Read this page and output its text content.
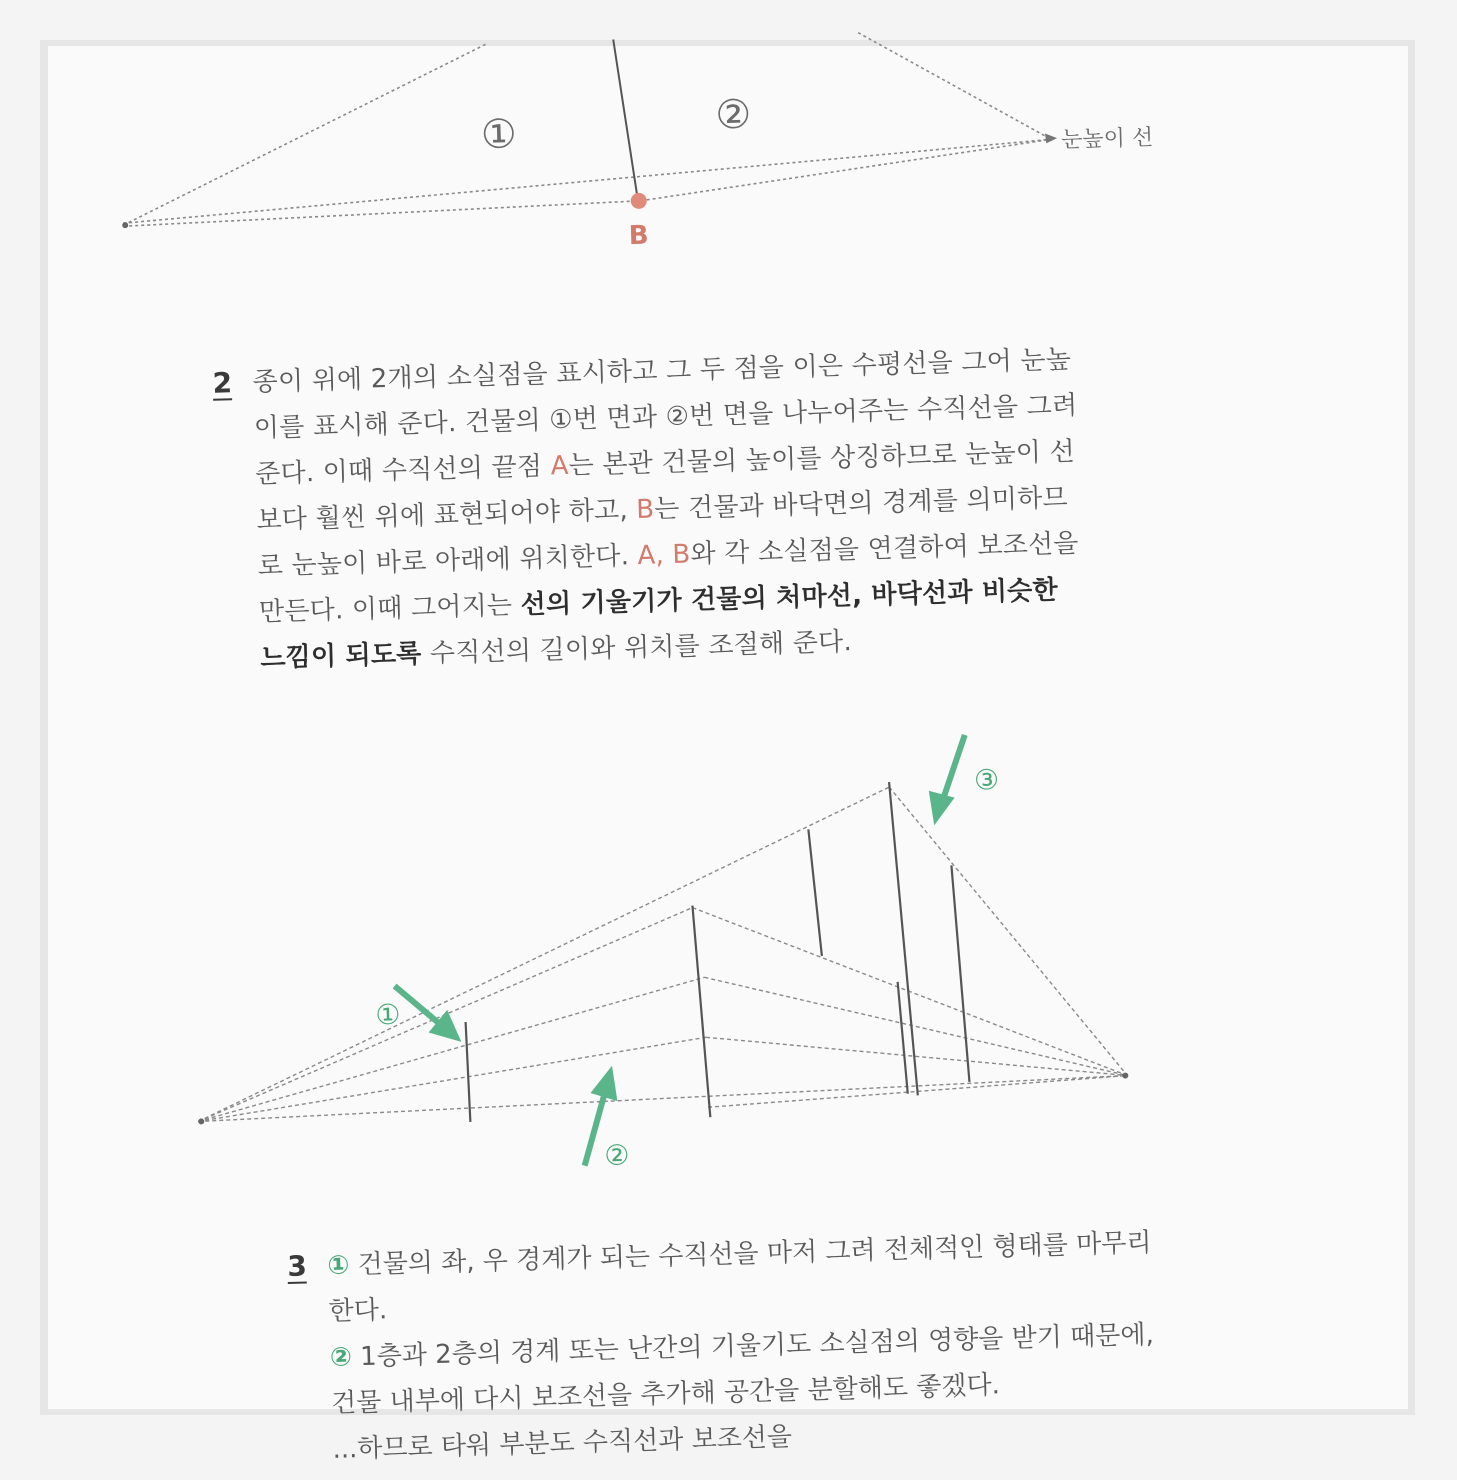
①	②
눈높이 선
B
2 종이 위에 2개의 소실점을 표시하고 그 두 점을 이은 수평선을 그어 눈높이를 표시해 준다. 건물의 ①번 면과 ②번 면을 나누어주는 수직선을 그려준다. 이때 수직선의 끝점 A는 본관 건물의 높이를 상징하므로 눈높이 선보다 훨씬 위에 표현되어야 하고, B는 건물과 바닥면의 경계를 의미하므로 눈높이 바로 아래에 위치한다. A, B와 각 소실점을 연결하여 보조선을 만든다. 이때 그어지는 선의 기울기가 건물의 처마선, 바닥선과 비슷한 느낌이 되도록 수직선의 길이와 위치를 조절해 준다.
①
②
③
3 ① 건물의 좌, 우 경계가 되는 수직선을 마저 그려 전체적인 형태를 마무리한다.
② 1층과 2층의 경계 또는 난간의 기울기도 소실점의 영향을 받기 때문에, 건물 내부에 다시 보조선을 추가해 공간을 분할해도 좋겠다.
...하므로 타워 부분도 수직선과 보조선을
